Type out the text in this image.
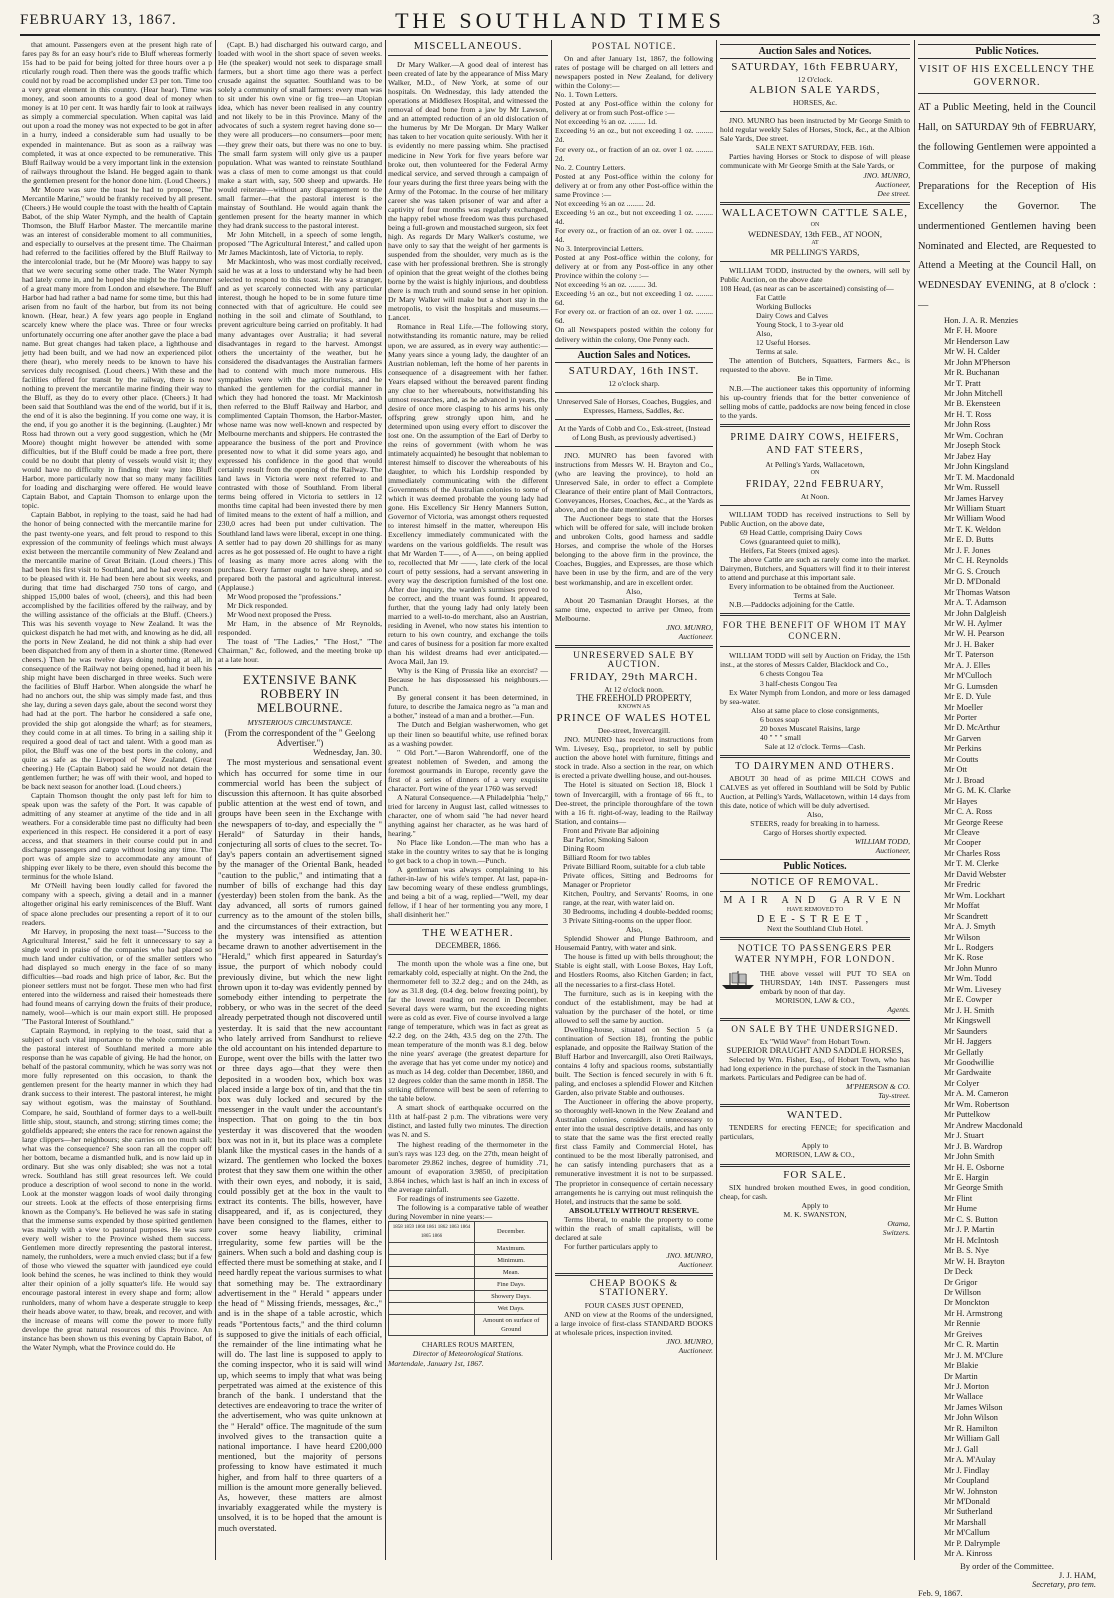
FEBRUARY 13, 1867.	THE SOUTHLAND TIMES	3

that amount. Passengers even at the present high rate of fares pay 8s for an easy hour's ride to Bluff whereas formerly 15s had to be paid for being jolted for three hours over a p rticularly rough road. Then there was the goods traffic which could not by road be accomplished under £3 per ton. Time too a very great element in this country. (Hear hear). Time was money, and soon amounts to a good deal of money when money is at 10 per cent. It was hardly fair to look at railways as simply a commercial speculation. When capital was laid out upon a road the money was not expected to be got in after in a hurry, indeed a considerable sum had usually to be expended in maintenance. But as soon as a railway was completed, it was at once expected to be remunerative. This Bluff Railway would be a very important link in the extension of railways throughout the Island. He begged again to thank the gentlemen present for the honor done him. (Loud Cheers.)

Mr Moore was sure the toast he had to propose, "The Mercantile Marine," would be frankly received by all present. (Cheers.) He would couple the toast with the health of Captain Babot, of the ship Water Nymph, and the health of Captain Thomson, the Bluff Harbor Master. The mercantile marine was an interest of considerable moment to all communities, and especially to ourselves at the present time. The Chairman had referred to the facilities offered by the Bluff Railway to the intercolonial trade, but he (Mr Moore) was happy to say that we were securing some other trade. The Water Nymph had lately come in, and he hoped she might be the forerunner of a great many more from London and elsewhere. The Bluff Harbor had had rather a bad name for some time, but this had arisen from no fault of the harbor, but from its not being known. (Hear, hear.) A few years ago people in England scarcely knew where the place was. Three or four wrecks unfortunately occurring one after another gave the place a bad name. But great changes had taken place, a lighthouse and jetty had been built, and we had now an experienced pilot there (hear), who merely needs to be known to have his services duly recognised. (Loud cheers.) With these and the facilities offered for transit by the railway, there is now nothing to prevent the mercantile marine finding their way to the Bluff, as they do to every other place. (Cheers.) It had been said that Southland was the end of the world, but if it is, the end of it is also the beginning. If you come one way, it is the end, if you go another it is the beginning. (Laughter.) Mr Ross had thrown out a very good suggestion, which he (Mr Moore) thought might however be attended with some difficulties, but if the Bluff could be made a free port, there could be no doubt that plenty of vessels would visit it; they would have no difficulty in finding their way into Bluff Harbor, more particularly now that so many many facilities for loading and discharging were offered. He would leave Captain Babot, and Captain Thomson to enlarge upon the topic.

Captain Babbot, in replying to the toast, said he had had the honor of being connected with the mercantile marine for the past twenty-one years, and felt proud to respond to this expression of the community of feelings which must always exist between the mercantile community of New Zealand and the mercantile marine of Great Britain. (Loud cheers.) This had been his first visit to Southland, and he had every reason to be pleased with it. He had been here about six weeks, and during that time had discharged 750 tons of cargo, and shipped 15,000 bales of wool, (cheers), and this had been accomplished by the facilities offered by the railway, and by the willing assistance of the officials at the Bluff. (Cheers.) This was his seventh voyage to New Zealand. It was the quickest dispatch he had met with, and knowing as he did, all the ports in New Zealand, he did not think a ship had ever been dispatched from any of them in a shorter time. (Renewed cheers.) Then he was twelve days doing nothing at all, in consequence of the Railway not being opened, had it been his ship might have been discharged in three weeks. Such were the facilities of Bluff Harbor. When alongside the wharf he had no anchors out, the ship was simply made fast, and thus she lay, during a seven days gale, about the second worst they had had at the port. The harbor he considered a safe one, provided the ship got alongside the wharf; as for steamers, they could come in at all times. To bring in a sailing ship it required a good deal of tact and talent. With a good man as pilot, the Bluff was one of the best ports in the colony, and quite as safe as the Liverpool of New Zealand. (Great cheering.) He (Captain Babot) said he would not detain the gentlemen further; he was off with their wool, and hoped to be back next season for another load. (Loud cheers.)

Captain Thomson thought the only past left for him to speak upon was the safety of the Port. It was capable of admitting of any steamer at anytime of the tide and in all weathers. For a considerable time past no difficulty had been experienced in this respect. He considered it a port of easy access, and that steamers in their course could put in and discharge passengers and cargo without losing any time. The port was of ample size to accommodate any amount of shipping ever likely to be there, even should this become the terminus for the whole Island.

Mr O'Neill having been loudly called for favored the company with a speech, giving a detail and in a manner altogether original his early reminiscences of the Bluff. Want of space alone precludes our presenting a report of it to our readers.

Mr Harvey, in proposing the next toast—"Success to the Agricultural Interest," said he felt it unnecessary to say a single word in praise of the companies who had placed so much land under cultivation, or of the smaller settlers who had displayed so much energy in the face of so many difficulties—bad roads and high price of labor, &c. But the pioneer settlers must not be forgot. These men who had first entered into the wilderness and raised their homesteads there had found means of carrying down the fruits of their produce, namely, wool—which is our main export still. He proposed "The Pastoral Interest of Southland."

Captain Raymond, in replying to the toast, said that a subject of such vital importance to the whole community as the pastoral interest of Southland merited a more able response than he was capable of giving. He had the honor, on behalf of the pastoral community, which he was sorry was not more fully represented on this occasion, to thank the gentlemen present for the hearty manner in which they had drank success to their interest. The pastoral interest, he might say without egotism, was the mainstay of Southland. Compare, he said, Southland of former days to a well-built little ship, stout, staunch, and strong; stirring times come; the goldfields appeared; she enters the race for renown against the large clippers—her neighbours; she carries on too much sail; what was the consequence? She soon ran all the copper off her bottom, became a dismantled hulk, and is now laid up in ordinary. But she was only disabled; she was not a total wreck. Southland has still great resources left. We could produce a description of wool second to none in the world. Look at the monster waggon loads of wool daily thronging our streets. Look at the effects of those enterprising firms known as the Company's. He believed he was safe in stating that the immense sums expended by those spirited gentlemen was mainly with a view to pastoral purposes. He was sure every well wisher to the Province wished them success. Gentlemen more directly representing the pastoral interest, namely, the runholders, were a much envied class; but if a few of those who viewed the squatter with jaundiced eye could look behind the scenes, he was inclined to think they would alter their opinion of a jolly squatter's life. He would say encourage pastoral interest in every shape and form; allow runholders, many of whom have a desperate struggle to keep their heads above water, to thaw, break, and recover, and with the increase of means will come the power to more fully develope the great natural resources of this Province. An instance has been shown us this evening by Captain Babot, of the Water Nymph, what the Province could do. He

(Capt. B.) had discharged his outward cargo, and loaded with wool in the short space of seven weeks. He (the speaker) would not seek to disparage small farmers, but a short time ago there was a perfect crusade against the squatter. Southland was to be solely a community of small farmers: every man was to sit under his own vine or fig tree—an Utopian idea, which has never been realised in any country and not likely to be in this Province. Many of the advocates of such a system regret having done so—they were all producers—no consumers—poor men;—they grew their oats, but there was no one to buy. The small farm system will only give us a pauper population. What was wanted to reinstate Southland was a class of men to come amongst us that could make a start with, say, 500 sheep and upwards. He would reiterate—without any disparagement to the small farmer—that the pastoral interest is the mainstay of Southland. He would again thank the gentlemen present for the hearty manner in which they had drank success to the pastoral interest.

Mr John Mitchell, in a speech of some length, proposed "The Agricultural Interest," and called upon Mr James Mackintosh, late of Victoria, to reply.

Mr Mackintosh, who was most cordially received, said he was at a loss to understand why he had been selected to respond to this toast. He was a stranger, and as yet scarcely connected with any particular interest, though he hoped to be in some future time connected with that of agriculture. He could see nothing in the soil and climate of Southland, to prevent agriculture being carried on profitably. It had many advantages over Australia; it had several disadvantages in regard to the harvest. Amongst others the uncertainty of the weather, but he considered the disadvantages the Australian farmers had to contend with much more numerous. His sympathies were with the agriculturists, and he thanked the gentlemen for the cordial manner in which they had honored the toast. Mr Mackintosh then referred to the Bluff Railway and Harbor, and complimented Captain Thomson, the Harbor-Master, whose name was now well-known and respected by Melbourne merchants and shippers. He contrasted the appearance the business of the port and Province presented now to what it did some years ago, and expressed his confidence in the good that would certainly result from the opening of the Railway. The land laws in Victoria were next referred to and contrasted with those of Southland. From liberal terms being offered in Victoria to settlers in 12 months time capital had been invested there by men of limited means to the extent of half a million, and 230,0 acres had been put under cultivation. The Southland land laws were liberal, except in one thing. A settler had to pay down 20 shillings for as many acres as he got possessed of. He ought to have a right of leasing as many more acres along with the purchase. Every farmer ought to have sheep, and so prepared both the pastoral and agricultural interest. (Applause.)

Mr Wood proposed the "professions."

Mr Dick responded.

Mr Wood next proposed the Press.

Mr Ham, in the absence of Mr Reynolds, responded.

The toast of "The Ladies," "The Host," "The Chairman," &c, followed, and the meeting broke up at a late hour.

EXTENSIVE BANK ROBBERY IN MELBOURNE.
MYSTERIOUS CIRCUMSTANCE.
(From the correspondent of the " Geelong Advertiser.")
Wednesday, Jan. 30.

The most mysterious and sensational event which has occurred for some time in our commercial world has been the subject of discussion this afternoon. It has quite absorbed public attention at the west end of town, and groups have been seen in the Exchange with the newspapers of to-day, and especially the " Herald" of Saturday in their hands, conjecturing all sorts of clues to the secret. To-day's papers contain an advertisement signed by the manager of the Oriental Bank, headed "caution to the public," and intimating that a number of bills of exchange had this day (yesterday) been stolen from the bank. As the day advanced, all sorts of rumors gained currency as to the amount of the stolen bills, and the circumstances of their extraction, but the mystery was intensified as attention became drawn to another advertisement in the "Herald," which first appeared in Saturday's issue, the purport of which nobody could previously divine, but which the new light thrown upon it to-day was evidently penned by somebody either intending to perpetrate the robbery, or who was in the secret of the deed already perpetrated though not discovered until yesterday. It is said that the new accountant who lately arrived from Sandhurst to relieve the old accountant on his intended departure to Europe, went over the bills with the latter two or three days ago—that they were then deposited in a wooden box, which box was placed inside a large box of tin, and that the tin box was duly locked and secured by the messenger in the vault under the accountant's inspection. That on going to the tin box yesterday it was discovered that the wooden box was not in it, but its place was a complete blank like the mystical cases in the hands of a wizard. The gentlemen who locked the boxes protest that they saw them one within the other with their own eyes, and nobody, it is said, could possibly get at the box in the vault to extract its contents. The bills, however, have disappeared, and if, as is conjectured, they have been consigned to the flames, either to cover some heavy liability, criminal irregularity, some few parties will be the gainers. When such a bold and dashing coup is effected there must be something at stake, and I need hardly repeat the various surmises to what that something may be. The extraordinary advertisement in the " Herald " appears under the head of " Missing friends, messages, &c.," and is in the shape of a table acrostic, which reads "Portentous facts," and the third column is supposed to give the initials of each official, the remainder of the line intimating what he will do. The last line is supposed to apply to the coming inspector, who it is said will wind up, which seems to imply that what was being perpetrated was aimed at the existence of this branch of the bank. I understand that the detectives are endeavoring to trace the writer of the advertisement, who was quite unknown at the " Herald" office. The magnitude of the sum involved gives to the transaction quite a national importance. I have heard £200,000 mentioned, but the majority of persons professing to know have estimated it much higher, and from half to three quarters of a million is the amount more generally believed. As, however, these matters are almost invariably exaggerated while the mystery is unsolved, it is to be hoped that the amount is much overstated.

MISCELLANEOUS.

Dr Mary Walker.—A good deal of interest has been created of late by the appearance of Miss Mary Walker, M.D., of New York, at some of our hospitals. On Wednesday, this lady attended the operations at Middlesex Hospital, and witnessed the removal of dead bone from a jaw by Mr Lawson, and an attempted reduction of an old dislocation of the humerus by Mr De Morgan. Dr Mary Walker has taken to her vocation quite seriously. With her it is evidently no mere passing whim. She practised medicine in New York for five years before war broke out, then volunteered for the Federal Army medical service, and served through a campaign of four years during the first three years being with the Army of the Potomac. In the course of her military career she was taken prisoner of war and after a captivity of four months was regularly exchanged, the happy rebel whose freedom was thus purchased being a full-grown and moustached surgeon, six feet high. As regards Dr Mary Walker's costume, we have only to say that the weight of her garments is suspended from the shoulder, very much as is the case with her professional brethren. She is strongly of opinion that the great weight of the clothes being borne by the waist is highly injurious, and doubtless there is much truth and sound sense in her opinion. Dr Mary Walker will make but a short stay in the metropolis, to visit the hospitals and museums.—Lancet.

Romance in Real Life.—The following story, notwithstanding its romantic nature, may be relied upon, we are assured, as in every way authentic:—Many years since a young lady, the daughter of an Austrian nobleman, left the home of her parents in consequence of a disagreement with her father. Years elapsed without the bereaved parent finding any clue to her whereabouts, notwithstanding his utmost researches, and, as he advanced in years, the desire of once more clasping to his arms his only offspring grew strongly upon him, and he determined upon using every effort to discover the lost one. On the assumption of the Earl of Derby to the reins of government (with whom he was intimately acquainted) he besought that nobleman to interest himself to discover the whereabouts of his daughter, to which his Lordship responded by immediately communicating with the different Governments of the Australian colonies to some of which it was deemed probable the young lady had gone. His Excellency Sir Henry Manners Sutton, Governor of Victoria, was amongst others requested to interest himself in the matter, whereupon His Excellency immediately communicated with the wardens on the various goldfields. The result was that Mr Warden T——, of A——, on being applied to, recollected that Mr ——, late clerk of the local court of petty sessions, had a servant answering in every way the description furnished of the lost one. After due inquiry, the warden's surmises proved to be correct, and the truant was found. It appeared, further, that the young lady had only lately been married to a well-to-do merchant, also an Austrian, residing in Avenel, who now states his intention to return to his own country, and exchange the toils and cares of business for a position far more exalted than his wildest dreams had ever anticipated.—Avoca Mail, Jan 19.

Why is the King of Prussia like an exorcist? —Because he has dispossessed his neighbours.—Punch.

By general consent it has been determined, in future, to describe the Jamaica negro as "a man and a bother," instead of a man and a brother.—Fun.

The Dutch and Belgian washerwomen, who get up their linen so beautiful white, use refined borax as a washing powder.

" Old Port."—Baron Wahrendorff, one of the greatest noblemen of Sweden, and among the foremost gourmands in Europe, recently gave the first of a series of dinners of a very exquisite character. Port wine of the year 1760 was served!

A Natural Consequence.—A Philadelphia "help," tried for larceny in August last, called witnesses to character, one of whom said "he had never heard anything against her character, as he was hard of hearing."

No Place like London.—The man who has a stake in the country writes to say that he is longing to get back to a chop in town.—Punch.

A gentleman was always complaining to his father-in-law of his wife's temper. At last, papa-in-law becoming weary of these endless grumblings, and being a bit of a wag, replied—"Well, my dear fellow, if I hear of her tormenting you any more, I shall disinherit her."

THE WEATHER.
DECEMBER, 1866.

The month upon the whole was a fine one, but remarkably cold, especially at night. On the 2nd, the thermometer fell to 32.2 deg.; and on the 24th, as low as 31.8 deg. (0.4 deg. below freezing point), by far the lowest reading on record in December. Several days were warm, but the exceeding nights were as cold as ever. Five of course involved a large range of temperature, which was in fact as great as 42.2 deg. on the 24th, 43.5 deg on the 27th. The mean temperature of the month was 8.1 deg. below the nine years' average (the greatest departure for the average that has yet come under my notice) and as much as 14 deg. colder than December, 1860, and 12 degrees colder than the same month in 1858. The striking difference will best be seen of referring to the table below.

A smart shock of earthquake occurred on the 11th at half-past 2 p.m. The vibrations were very distinct, and lasted fully two minutes. The direction was N. and S.

The highest reading of the thermometer in the sun's rays was 123 deg. on the 27th, mean height of barometer 29.862 inches, degree of humidity .71, amount of evaporation 3.9850, of precipitation 3.864 inches, which last is half an inch in excess of the average rainfall.

For readings of instruments see Gazette.

The following is a comparative table of weather during November in nine years:—

1858 1859 1860 1861 1862 1863 1864 1865 1866	December.
	Maximum.
	Minimum.
	Mean.
	Fine Days.
	Showery Days.
	Wet Days.
	Amount on surface of Ground
CHARLES ROUS MARTEN,
Director of Meteorological Stations.
Martendale, January 1st, 1867.
POSTAL NOTICE.

On and after January 1st, 1867, the following rates of postage will be charged on all letters and newspapers posted in New Zealand, for delivery within the Colony:—

No. 1. Town Letters.
Posted at any Post-office within the colony for delivery at or from such Post-office :—
Not exceeding ½ an oz. ......... 1d.
Exceeding ½ an oz., but not exceeding 1 oz. ......... 2d.
For every oz., or fraction of an oz. over 1 oz. ......... 2d.
No. 2. Country Letters.
Posted at any Post-office within the colony for delivery at or from any other Post-office within the same Province :—
Not exceeding ½ an oz ......... 2d.
Exceeding ½ an oz., but not exceeding 1 oz. ......... 4d.
For every oz., or fraction of an oz. over 1 oz. ......... 4d.
No 3. Interprovincial Letters.
Posted at any Post-office within the colony, for delivery at or from any Post-office in any other Province within the colony :—
Not exceeding ½ an oz. ......... 3d.
Exceeding ½ an oz., but not exceeding 1 oz. ......... 6d.
For every oz. or fraction of an oz. over 1 oz. ......... 6d.
On all Newspapers posted within the colony for delivery within the colony, One Penny each.
Auction Sales and Notices.
SATURDAY, 16th INST.
12 o'clock sharp.
Unreserved Sale of Horses, Coaches, Buggies, and Expresses, Harness, Saddles, &c.
At the Yards of Cobb and Co., Esk-street, (Instead of Long Bush, as previously advertised.)

JNO. MUNRO has been favored with instructions from Messrs W. H. Brayton and Co., (who are leaving the province), to hold an Unreserved Sale, in order to effect a Complete Clearance of their entire plant of Mail Contractors, Conveyances, Horses, Coaches, &c., at the Yards as above, and on the date mentioned.

The Auctioneer begs to state that the Horses which will be offered for sale, will include broken and unbroken Colts, good harness and saddle Horses, and comprise the whole of the Horses belonging to the above firm in the province, the Coaches, Buggies, and Expresses, are those which have been in use by the firm, and are of the very best workmanship, and are in excellent order.

Also,

About 20 Tasmanian Draught Horses, at the same time, expected to arrive per Omeo, from Melbourne.

JNO. MUNRO,
Auctioneer.
UNRESERVED SALE BY AUCTION.
FRIDAY, 29th MARCH.
At 12 o'clock noon.
THE FREEHOLD PROPERTY,
KNOWN AS
PRINCE OF WALES HOTEL
Dee-street, Invercargill.

JNO. MUNRO has received instructions from Wm. Livesey, Esq., proprietor, to sell by public auction the above hotel with furniture, fittings and stock in trade. Also a section in the rear, on which is erected a private dwelling house, and out-houses.

The Hotel is situated on Section 18, Block 1 town of Invercargill, with a frontage of 66 ft., to Dee-street, the principle thoroughfare of the town with a 16 ft. right-of-way, leading to the Railway Station, and contains—

Front and Private Bar adjoining
Bar Parlor, Smoking Saloon
Dining Room
Billiard Room for two tables
Private Billiard Room, suitable for a club table
Private offices, Sitting and Bedrooms for Manager or Proprietor
Kitchen, Poultry, and Servants' Rooms, in one range, at the rear, with water laid on.
30 Bedrooms, including 4 double-bedded rooms; 3 Private Sitting-rooms on the upper floor.
Also,

Splendid Shower and Plunge Bathroom, and Housemaid Pantry, with water and sink.

The house is fitted up with bells throughout; the Stable is eight stall, with Loose Boxes, Hay Loft, and Hostlers Rooms, also Kitchen Garden; in fact, all the necessaries to a first-class Hotel.

The furniture, such as is in keeping with the conduct of the establishment, may be had at valuation by the purchaser of the hotel, or time allowed to sell the same by auction.

Dwelling-house, situated on Section 5 (a continuation of Section 18), fronting the public esplanade, and opposite the Railway Station of the Bluff Harbor and Invercargill, also Oreti Railways, contains 4 lofty and spacious rooms, substantially built. The Section is fenced securely in with 6 ft. paling, and encloses a splendid Flower and Kitchen Garden, also private Stable and outhouses.

The Auctioneer in offering the above property, so thoroughly well-known in the New Zealand and Australian colonies, considers it unnecessary to enter into the usual descriptive details, and has only to state that the same was the first erected really first class Family and Commercial Hotel, has continued to be the most liberally patronised, and he can satisfy intending purchasers that as a remunerative investment it is not to be surpassed. The proprietor in consequence of certain necessary arrangements he is carrying out must relinquish the Hotel, and instructs that the same be sold.

ABSOLUTELY WITHOUT RESERVE.

Terms liberal, to enable the property to come within the reach of small capitalists, will be declared at sale

For further particulars apply to

JNO. MUNRO,
Auctioneer.
CHEAP BOOKS & STATIONERY.
FOUR CASES JUST OPENED,

AND on view at the Rooms of the undersigned, a large invoice of first-class STANDARD BOOKS at wholesale prices, inspection invited.

JNO. MUNRO,
Auctioneer.
Auction Sales and Notices.
SATURDAY, 16th FEBRUARY,
12 O'clock.
ALBION SALE YARDS,
HORSES, &c.

JNO. MUNRO has been instructed by Mr George Smith to hold regular weekly Sales of Horses, Stock, &c., at the Albion Sale Yards, Dee street.

SALE NEXT SATURDAY, FEB. 16th.

Parties having Horses or Stock to dispose of will please communicate with Mr George Smith at the Sale Yards, or

JNO. MUNRO,
Auctioneer,
Dee street.
WALLACETOWN CATTLE SALE,
ON
WEDNESDAY, 13th FEB., AT NOON,
AT
MR PELLING'S YARDS,

WILLIAM TODD, instructed by the owners, will sell by Public Auction, on the above date

108 Head, (as near as can be ascertained) consisting of—
Fat Cattle
Working Bullocks
Dairy Cows and Calves
Young Stock, 1 to 3-year old
Also,
12 Useful Horses.
Terms at sale.

The attention of Butchers, Squatters, Farmers &c., is requested to the above.

Be in Time.

N.B.—The auctioneer takes this opportunity of informing his up-country friends that for the better convenience of selling mobs of cattle, paddocks are now being fenced in close to the yards.

PRIME DAIRY COWS, HEIFERS, AND FAT STEERS,
At Pelling's Yards, Wallacetown,
ON
FRIDAY, 22nd FEBRUARY,
At Noon.

WILLIAM TODD has received instructions to Sell by Public Auction, on the above date,

69 Head Cattle, comprising Dairy Cows
Cows (guaranteed quiet to milk),
Heifers, Fat Steers (mixed ages).

The above Cattle are such as rarely come into the market. Dairymen, Butchers, and Squatters will find it to their interest to attend and purchase at this important sale.

Every information to be obtained from the Auctioneer.

Terms at Sale.

N.B.—Paddocks adjoining for the Cattle.

FOR THE BENEFIT OF WHOM IT MAY CONCERN.

WILLIAM TODD will sell by Auction on Friday, the 15th inst., at the stores of Messrs Calder, Blacklock and Co.,

6 chests Congou Tea
3 half-chests Congou Tea

Ex Water Nymph from London, and more or less damaged by sea-water.

Also at same place to close consignments,
6 boxes soap
20 boxes Muscatel Raisins, large
40 " " " small
Sale at 12 o'clock. Terms—Cash.
TO DAIRYMEN AND OTHERS.

ABOUT 30 head of as prime MILCH COWS and CALVES as yet offered in Southland will be Sold by Public Auction, at Pelling's Yards, Wallacetown, within 14 days from this date, notice of which will be duly advertised.

Also,
STEERS, ready for breaking in to harness.
Cargo of Horses shortly expected.
WILLIAM TODD,
Auctioneer,
Public Notices.
NOTICE OF REMOVAL.
MAIR AND GARVEN
HAVE REMOVED TO
DEE-STREET,
Next the Southland Club Hotel.
NOTICE TO PASSENGERS PER WATER NYMPH, FOR LONDON.

THE above vessel will PUT TO SEA on THURSDAY, 14th INST. Passengers must embark by noon of that day.

MORISON, LAW & CO.,
Agents.
ON SALE BY THE UNDERSIGNED.
Ex "Wild Wave" from Hobart Town.
SUPERIOR DRAUGHT AND SADDLE HORSES,

Selected by Wm. Fisher, Esq., of Hobart Town, who has had long experience in the purchase of stock in the Tasmanian markets. Particulars and Pedigree can be had of.

M'PHERSON & CO.
Tay-street.
WANTED.

TENDERS for erecting FENCE; for specification and particulars,

Apply to
MORISON, LAW & CO.,
FOR SALE.

SIX hundred broken mouthed Ewes, in good condition, cheap, for cash.

Apply to
M. K. SWANSTON,
Otama,
Switzers.
Public Notices.
VISIT OF HIS EXCELLENCY THE GOVERNOR.

AT a Public Meeting, held in the Council Hall, on SATURDAY 9th of FEBRUARY, the following Gentlemen were appointed a Committee, for the purpose of making Preparations for the Reception of His Excellency the Governor. The undermentioned Gentlemen having been Nominated and Elected, are Requested to Attend a Meeting at the Council Hall, on WEDNESDAY EVENING, at 8 o'clock :—

Hon. J. A. R. Menzies
Mr F. H. Moore
Mr Henderson Law
Mr W. H. Calder
Mr John M'Pherson
Mr R. Buchanan
Mr T. Pratt
Mr John Mitchell
Mr B. Ekensteen
Mr H. T. Ross
Mr John Ross
Mr Wm. Cochran
Mr Joseph Stock
Mr Jabez Hay
Mr John Kingsland
Mr T. M. Macdonald
Mr Wm. Russell
Mr James Harvey
Mr William Stuart
Mr William Wood
Mr T. K. Weldon
Mr E. D. Butts
Mr J. F. Jones
Mr C. H. Reynolds
Mr G. S. Crouch
Mr D. M'Donald
Mr Thomas Watson
Mr A. T. Adamson
Mr John Dalgleish
Mr W. H. Aylmer
Mr W. H. Pearson
Mr J. H. Baker
Mr T. Paterson
Mr A. J. Elles
Mr M'Culloch
Mr G. Lumsden
Mr E. D. Yule
Mr Moeller
Mr Porter
Mr D. McArthur
Mr Garven
Mr Perkins
Mr Coutts
Mr Ott
Mr J. Broad
Mr G. M. K. Clarke
Mr Hayes
Mr C. A. Ross
Mr George Reese
Mr Cleave
Mr Cooper
Mr Charles Ross
Mr T. M. Clerke
Mr David Webster
Mr Fredric
Mr Wm. Lockhart
Mr Moffat
Mr Scandrett
Mr A. J. Smyth
Mr Wilson
Mr L. Rodgers
Mr K. Rose
Mr John Munro
Mr Wm. Todd
Mr Wm. Livesey
Mr E. Cowper
Mr J. H. Smith
Mr Kingswell
Mr Saunders
Mr H. Jaggers
Mr Gellatly
Mr Goodwillie
Mr Gardwaite
Mr Colyer
Mr A. M. Cameron
Mr Wm. Robertson
Mr Puttelkow
Mr Andrew Macdonald
Mr J. Stuart
Mr J. B. Wardrop
Mr John Smith
Mr H. E. Osborne
Mr E. Hargin
Mr George Smith
Mr Flint
Mr Hume
Mr C. S. Button
Mr J. P. Martin
Mr H. McIntosh
Mr B. S. Nye
Mr W. H. Brayton
Dr Deck
Dr Grigor
Dr Willson
Dr Monckton
Mr H. Armstrong
Mr Rennie
Mr Greives
Mr C. R. Martin
Mr J. M. M'Clure
Mr Blakie
Dr Martin
Mr J. Morton
Mr Wallace
Mr James Wilson
Mr John Wilson
Mr R. Hamilton
Mr William Gall
Mr J. Gall
Mr A. M'Aulay
Mr J. Findlay
Mr Coupland
Mr W. Johnston
Mr M'Donald
Mr Sutherland
Mr Marshall
Mr M'Callum
Mr P. Dalrymple
Mr A. Kinross
By order of the Committee.
J. J. HAM,
Secretary, pro tem.
Feb. 9, 1867.
